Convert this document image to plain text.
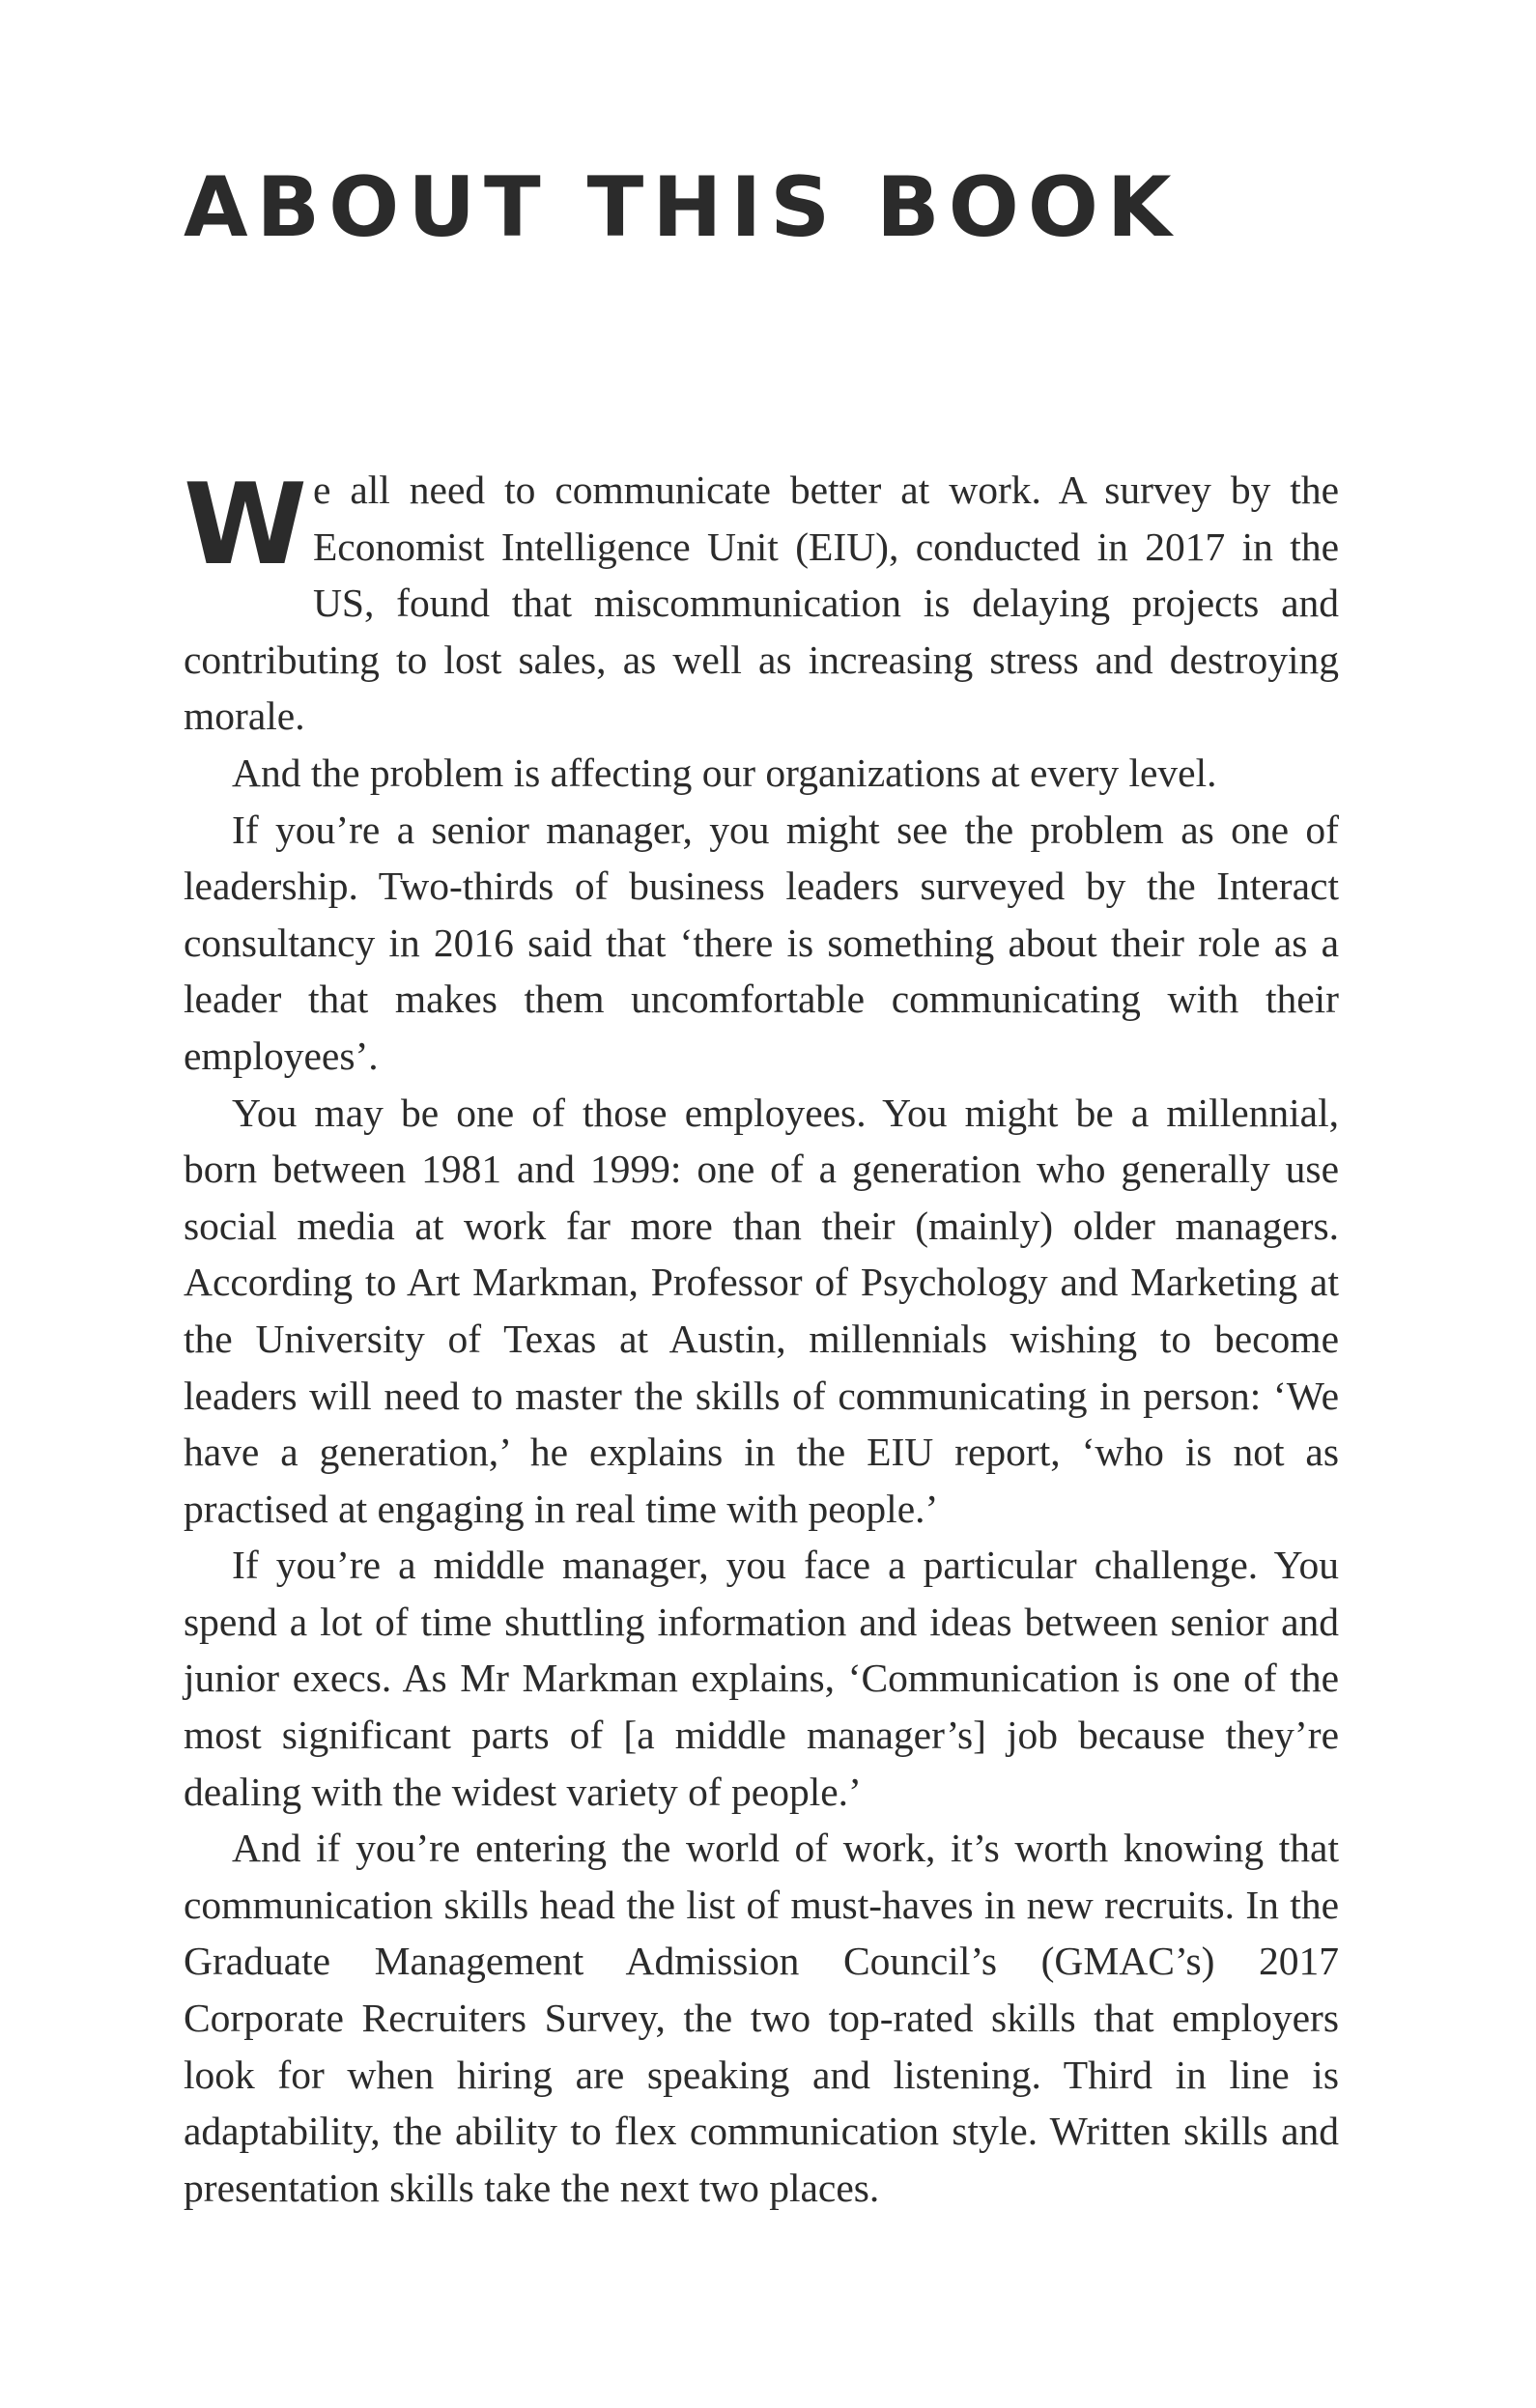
ABOUT THIS BOOK

We all need to communicate better at work. A survey by the Economist Intelligence Unit (EIU), conducted in 2017 in the US, found that miscommunication is delaying projects and contributing to lost sales, as well as increasing stress and destroying morale.

And the problem is affecting our organizations at every level.

If you’re a senior manager, you might see the problem as one of leadership. Two-thirds of business leaders surveyed by the Interact consultancy in 2016 said that ‘there is something about their role as a leader that makes them uncomfortable communicating with their employees’.

You may be one of those employees. You might be a millennial, born between 1981 and 1999: one of a generation who generally use social media at work far more than their (mainly) older managers. According to Art Markman, Professor of Psychology and Marketing at the University of Texas at Austin, millennials wishing to become leaders will need to master the skills of communicating in person: ‘We have a generation,’ he explains in the EIU report, ‘who is not as practised at engaging in real time with people.’

If you’re a middle manager, you face a particular challenge. You spend a lot of time shuttling information and ideas between senior and junior execs. As Mr Markman explains, ‘Communication is one of the most significant parts of [a middle manager’s] job because they’re dealing with the widest variety of people.’

And if you’re entering the world of work, it’s worth knowing that communication skills head the list of must-haves in new recruits. In the Graduate Management Admission Council’s (GMAC’s) 2017 Corporate Recruiters Survey, the two top-rated skills that employers look for when hiring are speaking and listening. Third in line is adaptability, the ability to flex communication style. Written skills and presentation skills take the next two places.
